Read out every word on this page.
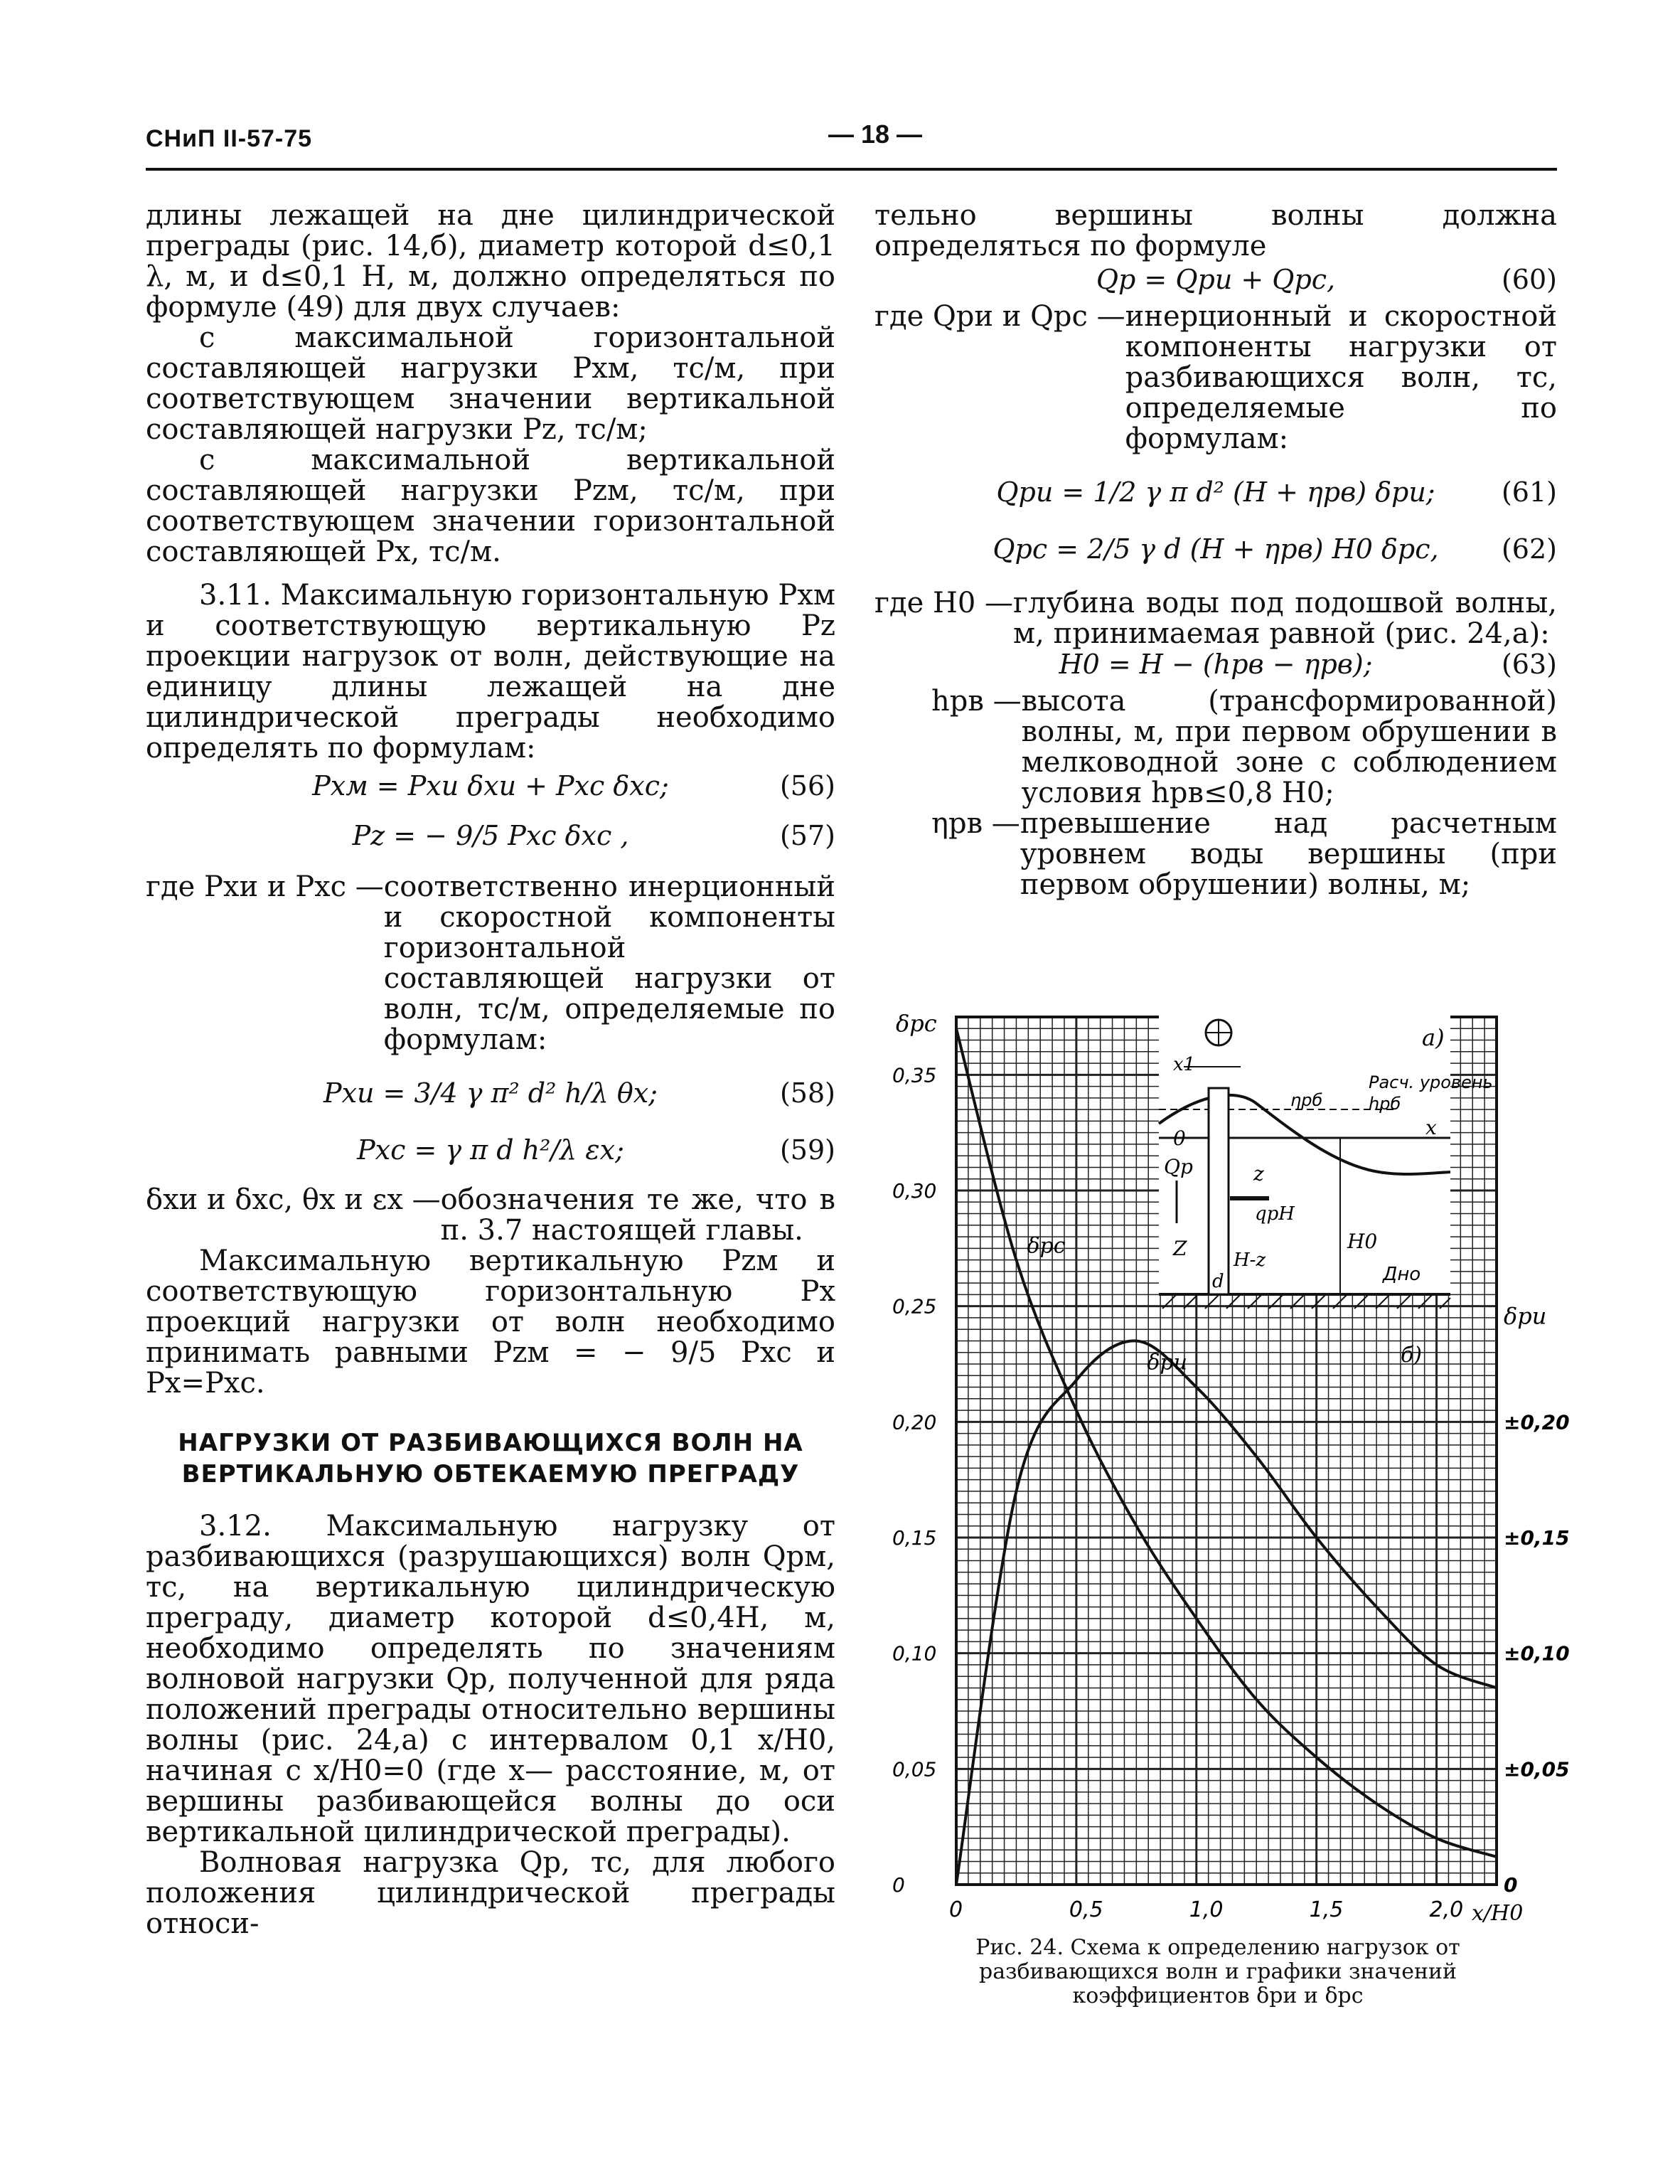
СНиП II-57-75	— 18 —

длины лежащей на дне цилиндрической преграды (рис. 14,б), диаметр которой d≤0,1 λ, м, и d≤0,1 H, м, должно определяться по формуле (49) для двух случаев:

с максимальной горизонтальной составляющей нагрузки Pxм, тс/м, при соответствующем значении вертикальной составляющей нагрузки Pz, тс/м;

с максимальной вертикальной составляющей нагрузки Pzм, тс/м, при соответствующем значении горизонтальной составляющей Px, тс/м.

3.11. Максимальную горизонтальную Pxм и соответствующую вертикальную Pz проекции нагрузок от волн, действующие на единицу длины лежащей на дне цилиндрической преграды необходимо определять по формулам:

Pxм = Pxи δxи + Pxc δxc;	(56)
Pz = − 9/5 Pxc δxc ,	(57)
где Pxи и Pxc — соответственно инерционный и скоростной компоненты горизонтальной составляющей нагрузки от волн, тс/м, определяемые по формулам:
Pxи = 3/4 γ π² d² h/λ θx;	(58)
Pxc = γ π d h²/λ εx;	(59)
δxи и δxc, θx и εx — обозначения те же, что в п. 3.7 настоящей главы.

Максимальную вертикальную Pzм и соответствующую горизонтальную Px проекций нагрузки от волн необходимо принимать равными Pzм = − 9/5 Pxc и Px=Pxc.

НАГРУЗКИ ОТ РАЗБИВАЮЩИХСЯ ВОЛН НА ВЕРТИКАЛЬНУЮ ОБТЕКАЕМУЮ ПРЕГРАДУ

3.12. Максимальную нагрузку от разбивающихся (разрушающихся) волн Qpм, тс, на вертикальную цилиндрическую преграду, диаметр которой d≤0,4H, м, необходимо определять по значениям волновой нагрузки Qp, полученной для ряда положений преграды относительно вершины волны (рис. 24,а) с интервалом 0,1 x/H0, начиная с x/H0=0 (где x— расстояние, м, от вершины разбивающейся волны до оси вертикальной цилиндрической преграды).

Волновая нагрузка Qp, тс, для любого положения цилиндрической преграды относи-

тельно вершины волны должна определяться по формуле

Qp = Qpи + Qpc,	(60)
где Qpи и Qpc — инерционный и скоростной компоненты нагрузки от разбивающихся волн, тс, определяемые по формулам:
Qpи = 1/2 γ π d² (H + ηpв) δpи;	(61)
Qpc = 2/5 γ d (H + ηpв) H0 δpc,	(62)
где H0 — глубина воды под подошвой волны, м, принимаемая равной (рис. 24,а):
H0 = H − (hpв − ηpв);	(63)
hpв — высота (трансформированной) волны, м, при первом обрушении в мелководной зоне с соблюдением условия hpв≤0,8 H0;
ηpв — превышение над расчетным уровнем воды вершины (при первом обрушении) волны, м;
0	0,5	1,0	1,5	2,0
0
0,05
0,10
0,15
0,20
0,25
0,30
0,35
0
±0,05
±0,10
±0,15
±0,20
δpc
δpи
x/H0
δpc
δpи
x1
ηpб
Расч. уровень
hpб
x
0
Qp	z
qpH
H0
Z
d
H-z
Дно
a)
б)
Рис. 24. Схема к определению нагрузок от разбивающихся волн и графики значений коэффициентов δpи и δpc
